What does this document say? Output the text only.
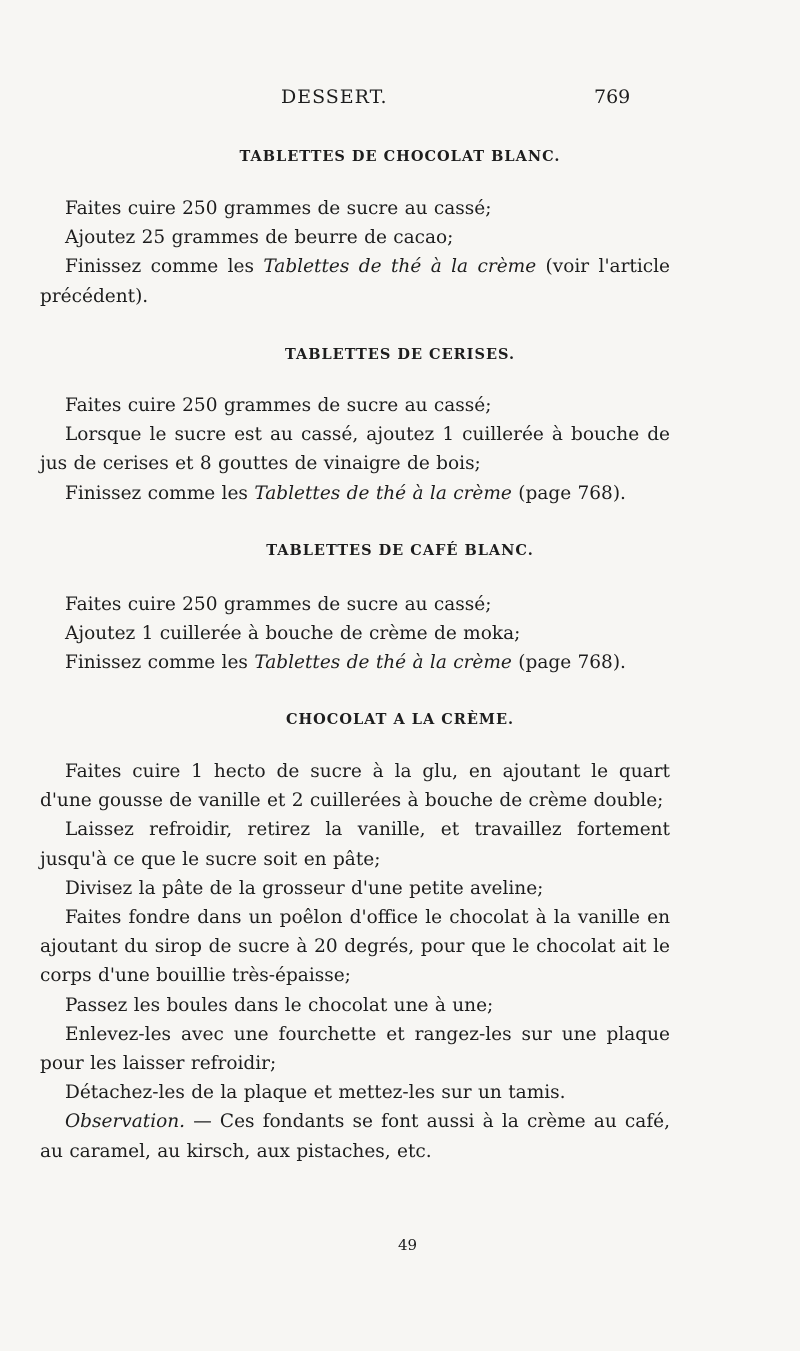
DESSERT.	769
TABLETTES DE CHOCOLAT BLANC.

Faites cuire 250 grammes de sucre au cassé;

Ajoutez 25 grammes de beurre de cacao;

Finissez comme les Tablettes de thé à la crème (voir l'article précédent).

TABLETTES DE CERISES.

Faites cuire 250 grammes de sucre au cassé;

Lorsque le sucre est au cassé, ajoutez 1 cuillerée à bouche de jus de cerises et 8 gouttes de vinaigre de bois;

Finissez comme les Tablettes de thé à la crème (page 768).

TABLETTES DE CAFÉ BLANC.

Faites cuire 250 grammes de sucre au cassé;

Ajoutez 1 cuillerée à bouche de crème de moka;

Finissez comme les Tablettes de thé à la crème (page 768).

CHOCOLAT A LA CRÈME.

Faites cuire 1 hecto de sucre à la glu, en ajoutant le quart d'une gousse de vanille et 2 cuillerées à bouche de crème double;

Laissez refroidir, retirez la vanille, et travaillez fortement jusqu'à ce que le sucre soit en pâte;

Divisez la pâte de la grosseur d'une petite aveline;

Faites fondre dans un poêlon d'office le chocolat à la vanille en ajoutant du sirop de sucre à 20 degrés, pour que le chocolat ait le corps d'une bouillie très-épaisse;

Passez les boules dans le chocolat une à une;

Enlevez-les avec une fourchette et rangez-les sur une plaque pour les laisser refroidir;

Détachez-les de la plaque et mettez-les sur un tamis.

Observation. — Ces fondants se font aussi à la crème au café, au caramel, au kirsch, aux pistaches, etc.

49
